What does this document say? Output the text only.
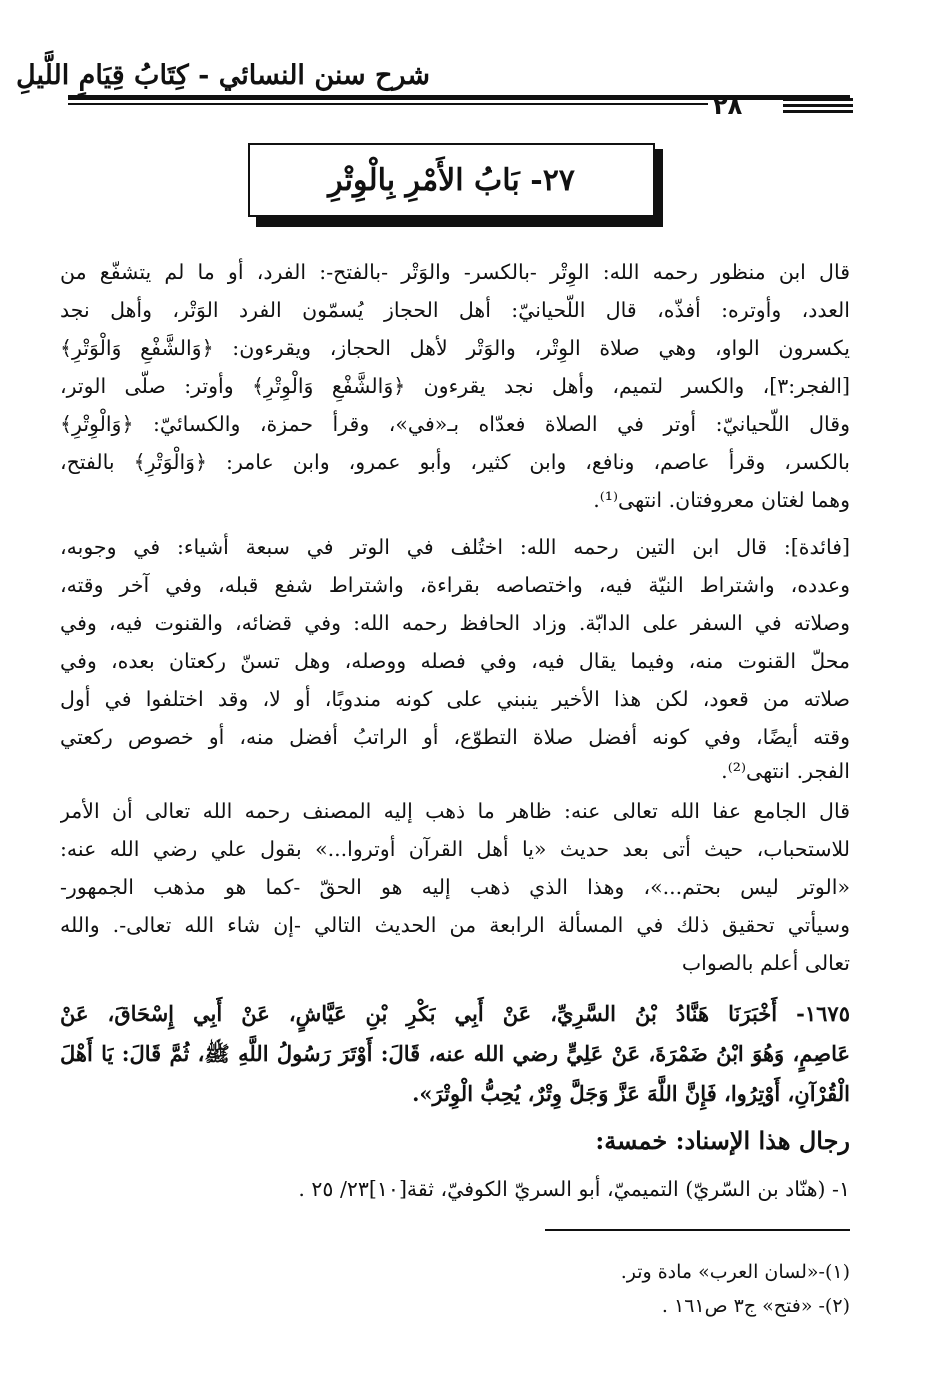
شرح سنن النسائي - كِتَابُ قِيَامِ اللَّيلِ
٢٨
٢٧- بَابُ الأَمْرِ بِالْوِتْرِ
قال ابن منظور رحمه الله: الوِتْر -بالكسر- والوَتْر -بالفتح-: الفرد، أو ما لم يتشفّع من
العدد، وأوتره: أفذّه، قال اللّحيانيّ: أهل الحجاز يُسمّون الفرد الوَتْر، وأهل نجد
يكسرون الواو، وهي صلاة الوِتْر، والوَتْر لأهل الحجاز، ويقرءون: ﴿وَالشَّفْعِ وَالْوَتْرِ﴾
[الفجر:٣]، والكسر لتميم، وأهل نجد يقرءون ﴿وَالشَّفْعِ وَالْوِتْرِ﴾ وأوتر: صلّى الوتر،
وقال اللّحيانيّ: أوتر في الصلاة فعدّاه بـ«في»، وقرأ حمزة، والكسائيّ: ﴿وَالْوِتْرِ﴾
بالكسر، وقرأ عاصم، ونافع، وابن كثير، وأبو عمرو، وابن عامر: ﴿وَالْوَتْرِ﴾ بالفتح،
وهما لغتان معروفتان. انتهى⁽¹⁾.
[فائدة]: قال ابن التين رحمه الله: اختُلف في الوتر في سبعة أشياء: في وجوبه،
وعدده، واشتراط النيّة فيه، واختصاصه بقراءة، واشتراط شفع قبله، وفي آخر وقته،
وصلاته في السفر على الدابّة. وزاد الحافظ رحمه الله: وفي قضائه، والقنوت فيه، وفي
محلّ القنوت منه، وفيما يقال فيه، وفي فصله ووصله، وهل تسنّ ركعتان بعده، وفي
صلاته من قعود، لكن هذا الأخير ينبني على كونه مندوبًا، أو لا، وقد اختلفوا في أول
وقته أيضًا، وفي كونه أفضل صلاة التطوّع، أو الراتبُ أفضل منه، أو خصوص ركعتي
الفجر. انتهى⁽²⁾.
قال الجامع عفا الله تعالى عنه: ظاهر ما ذهب إليه المصنف رحمه الله تعالى أن الأمر
للاستحباب، حيث أتى بعد حديث «يا أهل القرآن أوتروا...» بقول علي رضي الله عنه:
«الوتر ليس بحتم...»، وهذا الذي ذهب إليه هو الحقّ -كما هو مذهب الجمهور-
وسيأتي تحقيق ذلك في المسألة الرابعة من الحديث التالي -إن شاء الله تعالى-. والله
تعالى أعلم بالصواب
١٦٧٥- أَخْبَرَنَا هَنَّادُ بْنُ السَّرِيِّ، عَنْ أَبِي بَكْرِ بْنِ عَيَّاشٍ، عَنْ أَبِي إِسْحَاقَ، عَنْ
عَاصِمٍ، وَهُوَ ابْنُ ضَمْرَةَ، عَنْ عَلِيٍّ رضي الله عنه، قَالَ: أَوْتَرَ رَسُولُ اللَّهِ ﷺ، ثُمَّ قَالَ: يَا أَهْلَ
الْقُرْآنِ، أَوْتِرُوا، فَإِنَّ اللَّهَ عَزَّ وَجَلَّ وِتْرٌ، يُحِبُّ الْوِتْرَ».
رجال هذا الإسناد: خمسة:
١- (هنّاد بن السّريّ) التميميّ، أبو السريّ الكوفيّ، ثقة[١٠]٢٣/ ٢٥ .
(١)-«لسان العرب» مادة وتر.
(٢)- «فتح» ج٣ ص١٦١ .
